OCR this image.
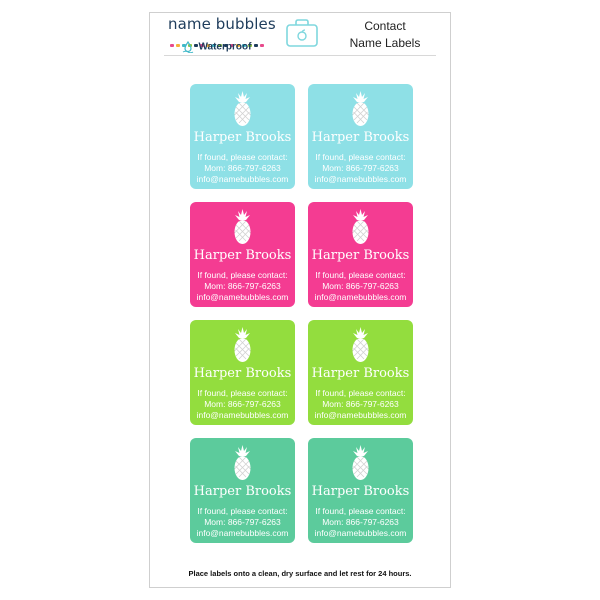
name bubbles
Waterproof
Contact
Name Labels
Harper Brooks
If found, please contact:
Mom: 866-797-6263
info@namebubbles.com
Harper Brooks
If found, please contact:
Mom: 866-797-6263
info@namebubbles.com
Harper Brooks
If found, please contact:
Mom: 866-797-6263
info@namebubbles.com
Harper Brooks
If found, please contact:
Mom: 866-797-6263
info@namebubbles.com
Harper Brooks
If found, please contact:
Mom: 866-797-6263
info@namebubbles.com
Harper Brooks
If found, please contact:
Mom: 866-797-6263
info@namebubbles.com
Harper Brooks
If found, please contact:
Mom: 866-797-6263
info@namebubbles.com
Harper Brooks
If found, please contact:
Mom: 866-797-6263
info@namebubbles.com
Place labels onto a clean, dry surface and let rest for 24 hours.
